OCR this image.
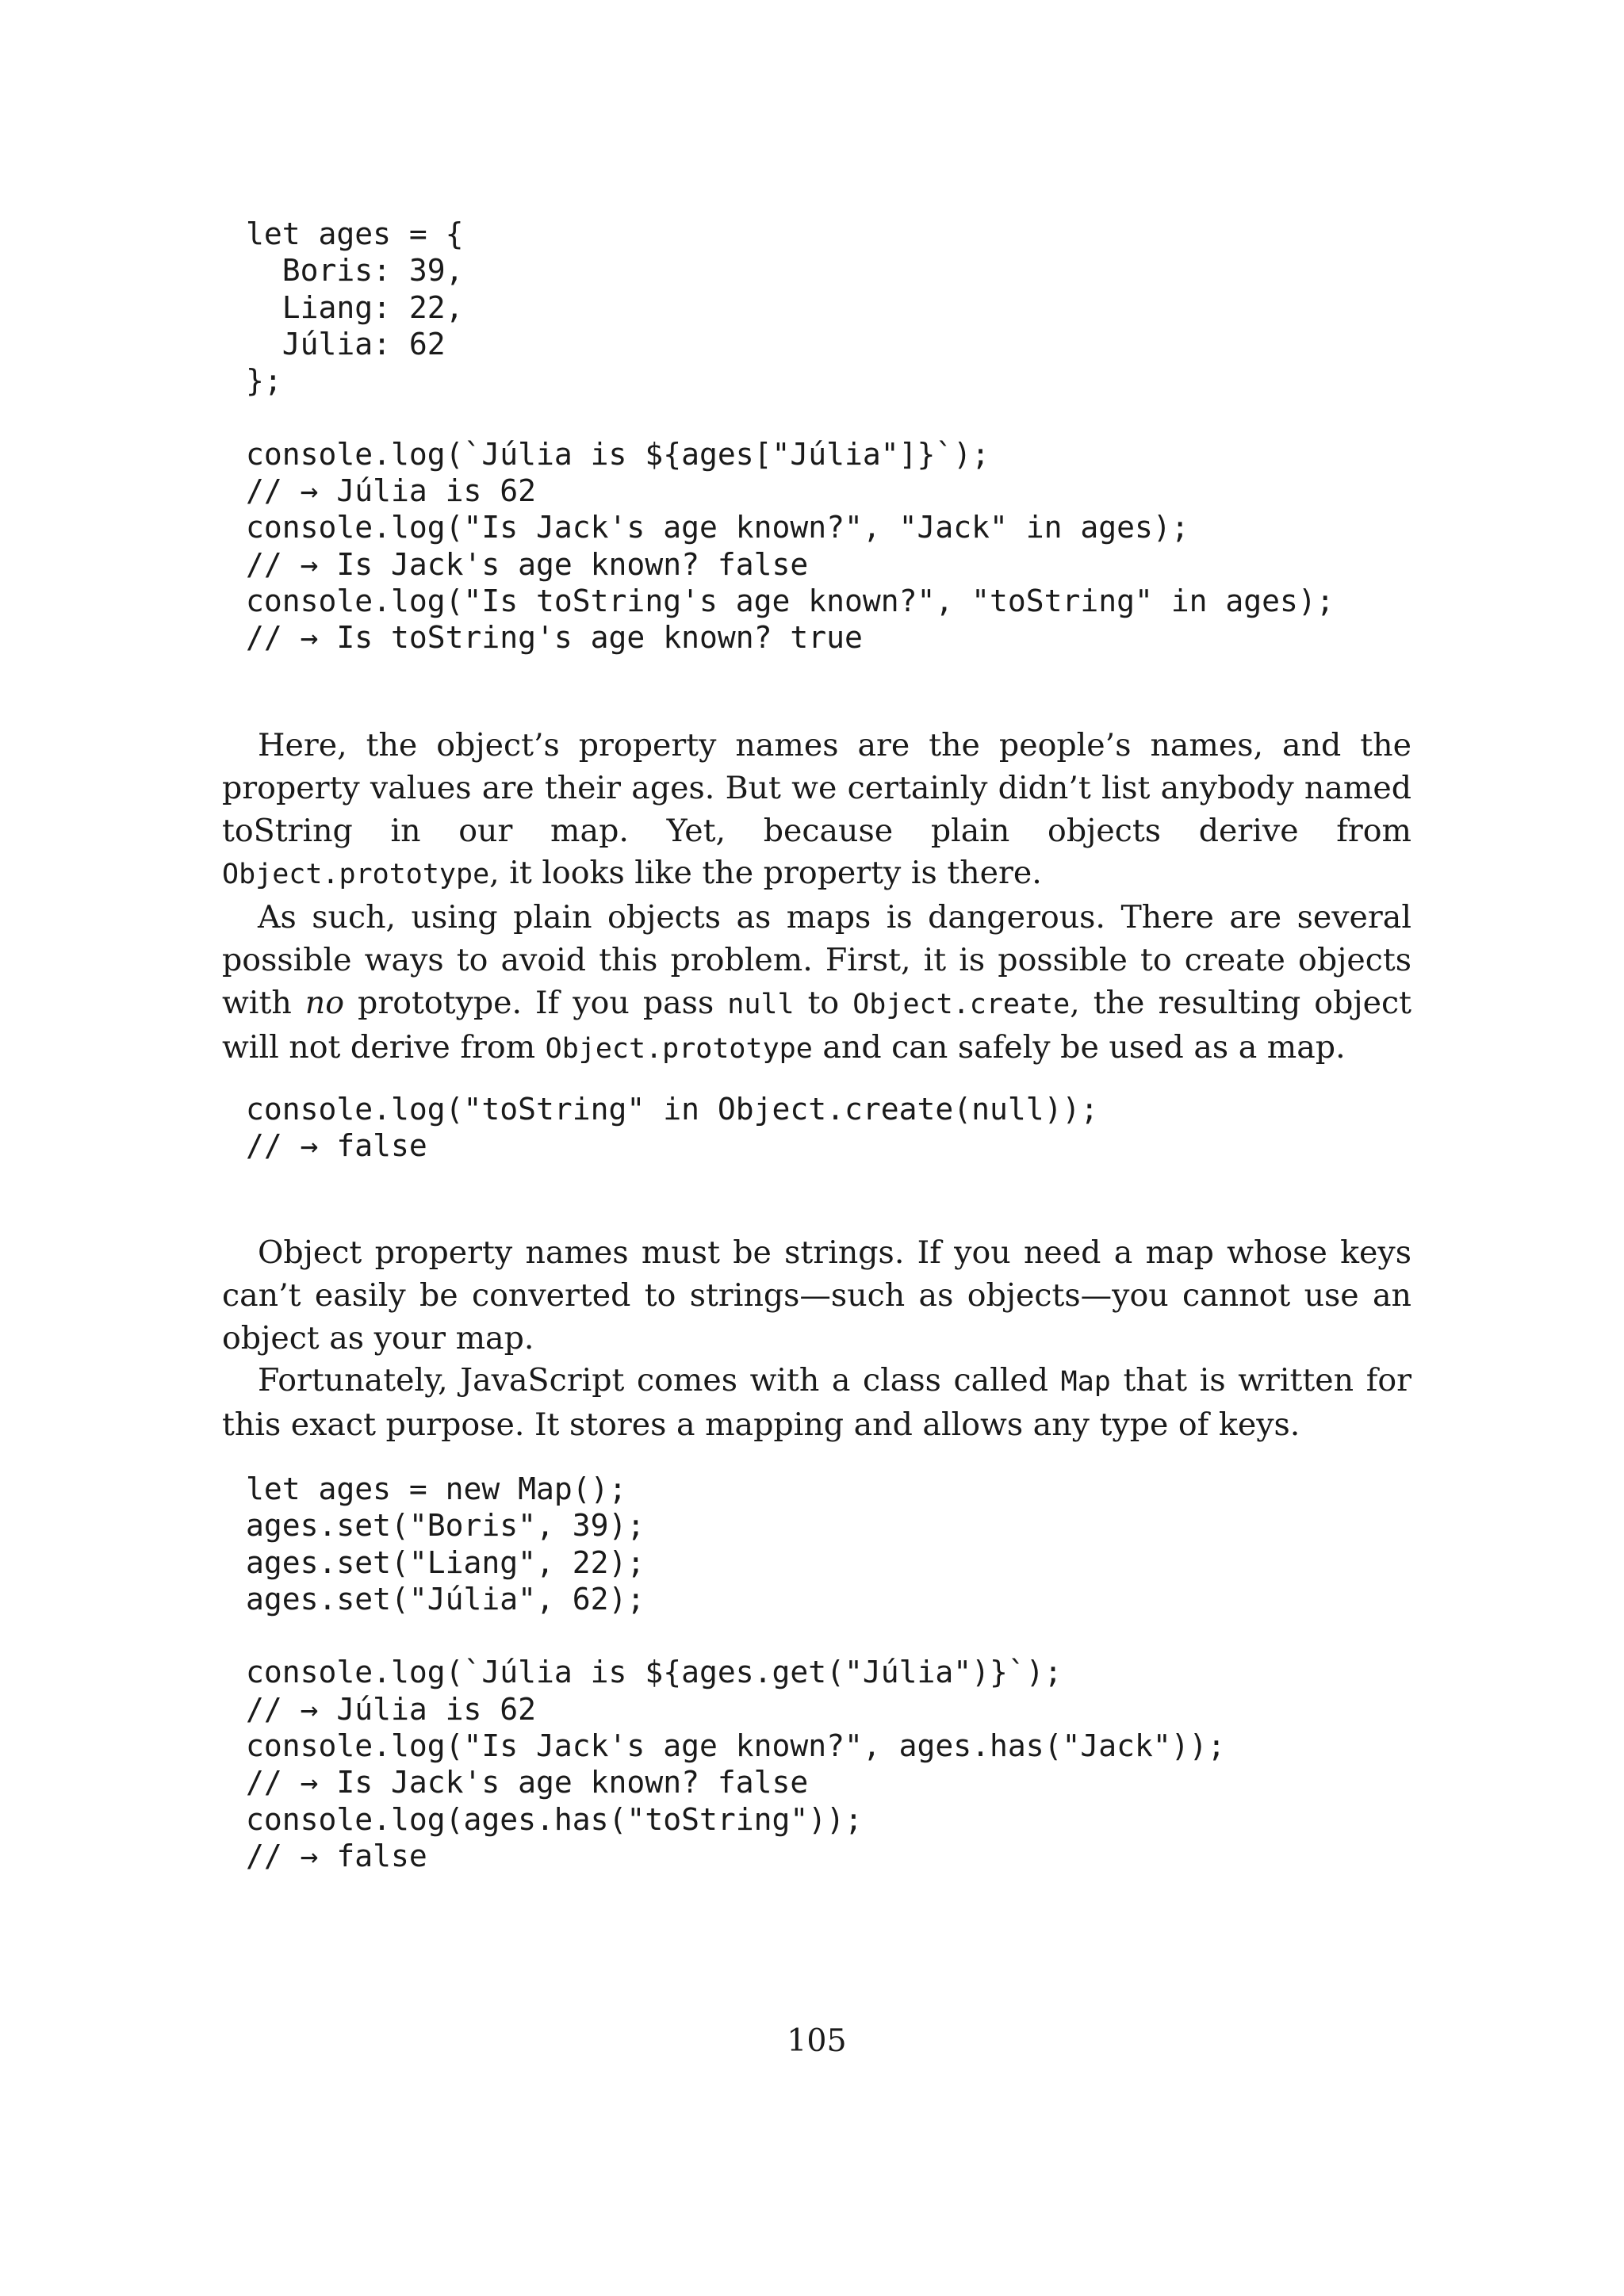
let ages = {
Boris: 39,
Liang: 22,
Júlia: 62
};

console.log(`Júlia is ${ages["Júlia"]}`);
// → Júlia is 62
console.log("Is Jack's age known?", "Jack" in ages);
// → Is Jack's age known? false
console.log("Is toString's age known?", "toString" in ages);
// → Is toString's age known? true

Here, the object’s property names are the people’s names, and the property values are their ages. But we certainly didn’t list anybody named toString in our map. Yet, because plain objects derive from Object.prototype, it looks like the property is there.

As such, using plain objects as maps is dangerous. There are several possible ways to avoid this problem. First, it is possible to create objects with no prototype. If you pass null to Object.create, the resulting object will not derive from Object.prototype and can safely be used as a map.

console.log("toString" in Object.create(null));
// → false

Object property names must be strings. If you need a map whose keys can’t easily be converted to strings—such as objects—you cannot use an object as your map.

Fortunately, JavaScript comes with a class called Map that is written for this exact purpose. It stores a mapping and allows any type of keys.

let ages = new Map();
ages.set("Boris", 39);
ages.set("Liang", 22);
ages.set("Júlia", 62);

console.log(`Júlia is ${ages.get("Júlia")}`);
// → Júlia is 62
console.log("Is Jack's age known?", ages.has("Jack"));
// → Is Jack's age known? false
console.log(ages.has("toString"));
// → false
105
